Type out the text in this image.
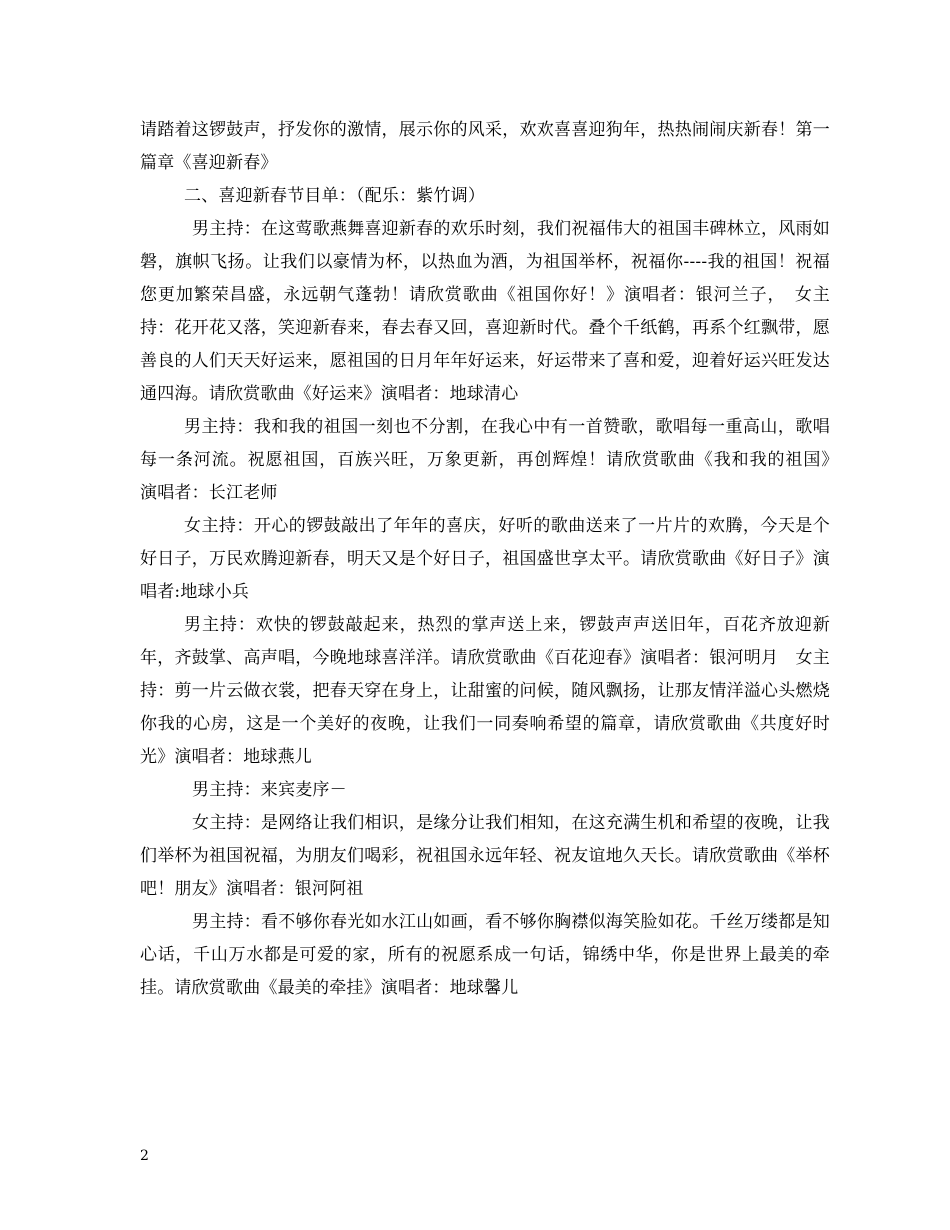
请踏着这锣鼓声，抒发你的激情，展示你的风采，欢欢喜喜迎狗年，热热闹闹庆新春！第一篇章《喜迎新春》

二、喜迎新春节目单：（配乐：紫竹调）

男主持：在这莺歌燕舞喜迎新春的欢乐时刻，我们祝福伟大的祖国丰碑林立，风雨如磐，旗帜飞扬。让我们以豪情为杯，以热血为酒，为祖国举杯，祝福你----我的祖国！祝福您更加繁荣昌盛，永远朝气蓬勃！请欣赏歌曲《祖国你好！》演唱者：银河兰子，　女主持：花开花又落，笑迎新春来，春去春又回，喜迎新时代。叠个千纸鹤，再系个红飘带，愿善良的人们天天好运来，愿祖国的日月年年好运来，好运带来了喜和爱，迎着好运兴旺发达通四海。请欣赏歌曲《好运来》演唱者：地球清心

男主持：我和我的祖国一刻也不分割，在我心中有一首赞歌，歌唱每一重高山，歌唱每一条河流。祝愿祖国，百族兴旺，万象更新，再创辉煌！请欣赏歌曲《我和我的祖国》　演唱者：长江老师

女主持：开心的锣鼓敲出了年年的喜庆，好听的歌曲送来了一片片的欢腾，今天是个好日子，万民欢腾迎新春，明天又是个好日子，祖国盛世享太平。请欣赏歌曲《好日子》演唱者:地球小兵

男主持：欢快的锣鼓敲起来，热烈的掌声送上来，锣鼓声声送旧年，百花齐放迎新年，齐鼓掌、高声唱，今晚地球喜洋洋。请欣赏歌曲《百花迎春》演唱者：银河明月　女主持：剪一片云做衣裳，把春天穿在身上，让甜蜜的问候，随风飘扬，让那友情洋溢心头燃烧你我的心房，这是一个美好的夜晚，让我们一同奏响希望的篇章，请欣赏歌曲《共度好时光》演唱者：地球燕儿

男主持：来宾麦序－

女主持：是网络让我们相识，是缘分让我们相知，在这充满生机和希望的夜晚，让我们举杯为祖国祝福，为朋友们喝彩，祝祖国永远年轻、祝友谊地久天长。请欣赏歌曲《举杯吧！朋友》演唱者：银河阿祖

男主持：看不够你春光如水江山如画，看不够你胸襟似海笑脸如花。千丝万缕都是知心话，千山万水都是可爱的家，所有的祝愿系成一句话，锦绣中华，你是世界上最美的牵挂。请欣赏歌曲《最美的牵挂》演唱者：地球馨儿

2
